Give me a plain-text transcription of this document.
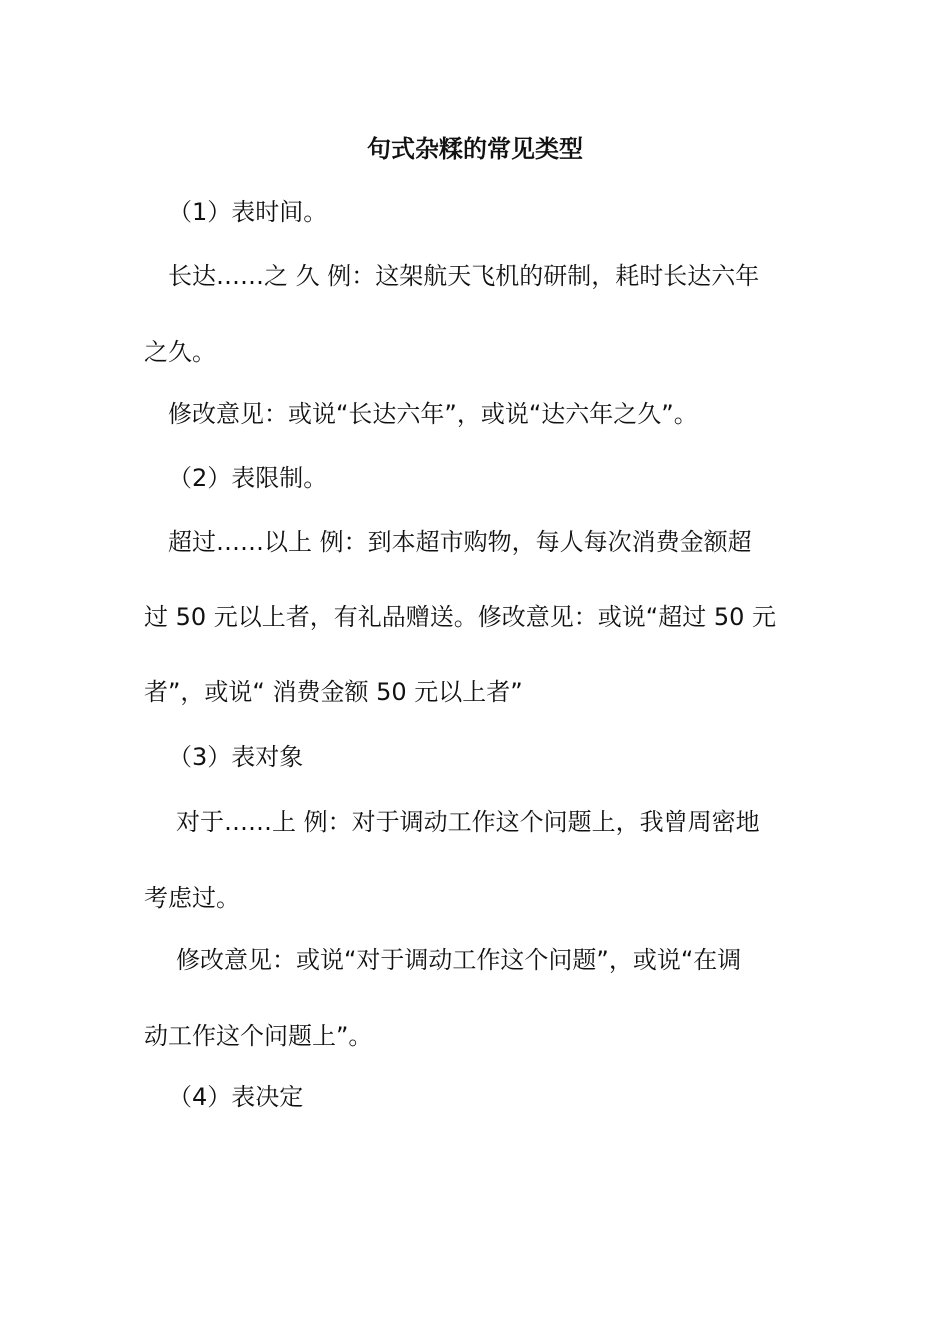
句式杂糅的常见类型
（1）表时间。
长达……之 久 例：这架航天飞机的研制，耗时长达六年
之久。
修改意见：或说“长达六年”，或说“达六年之久”。
（2）表限制。
超过……以上 例：到本超市购物，每人每次消费金额超
过 50 元以上者，有礼品赠送。修改意见：或说“超过 50 元
者”，或说“ 消费金额 50 元以上者”
（3）表对象
对于……上 例：对于调动工作这个问题上，我曾周密地
考虑过。
修改意见：或说“对于调动工作这个问题”，或说“在调
动工作这个问题上”。
（4）表决定
